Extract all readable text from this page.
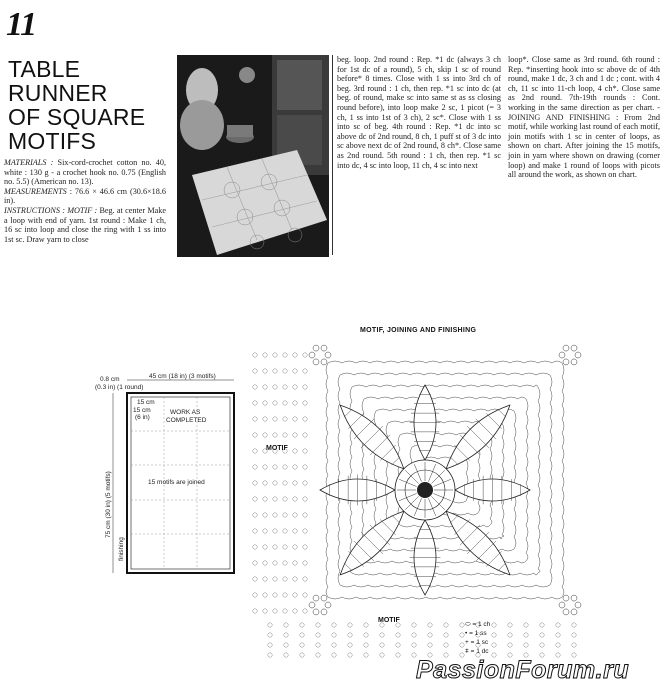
11
TABLE
RUNNER
OF SQUARE
MOTIFS
MATERIALS : Six-cord-crochet cotton no. 40, white : 130 g - a crochet hook no. 0.75 (English no. 5.5) (American no. 13).
MEASUREMENTS : 76.6 × 46.6 cm (30.6×18.6 in).
INSTRUCTIONS : MOTIF : Beg. at center Make a loop with end of yarn. 1st round : Make 1 ch, 16 sc into loop and close the ring with 1 ss into 1st sc. Draw yarn to close
beg. loop. 2nd round : Rep. *1 dc (always 3 ch for 1st dc of a round), 5 ch, skip 1 sc of round before* 8 times. Close with 1 ss into 3rd ch of beg. 3rd round : 1 ch, then rep. *1 sc into dc (at beg. of round, make sc into same st as ss closing round before), into loop make 2 sc, 1 picot (= 3 ch, 1 ss into 1st of 3 ch), 2 sc*. Close with 1 ss into sc of beg. 4th round : Rep. *1 dc into sc above dc of 2nd round, 8 ch, 1 puff st of 3 dc into sc above next dc of 2nd round, 8 ch*. Close same as 2nd round. 5th round : 1 ch, then rep. *1 sc into dc, 4 sc into loop, 11 ch, 4 sc into next
loop*. Close same as 3rd round. 6th round : Rep. *inserting hook into sc above dc of 4th round, make 1 dc, 3 ch and 1 dc ; cont. with 4 ch, 11 sc into 11-ch loop, 4 ch*. Close same as 2nd round. 7th-19th rounds : Cont. working in the same direction as per chart. - JOINING AND FINISHING : From 2nd motif, while working last round of each motif, join motifs with 1 sc in center of loops, as shown on chart. After joining the 15 motifs, join in yarn where shown on drawing (corner loop) and make 1 round of loops with picots all around the work, as shown on chart.
45 cm (18 in) (3 motifs)
0.8 cm
(0.3 in) (1 round)
75 cm (30 in) (5 motifs)
15 cm
15 cm
(6 in)
WORK AS
COMPLETED
15 motifs are joined
finishing
MOTIF, JOINING AND FINISHING
MOTIF
MOTIF
⬭ = 1 ch
• = 1 ss
+ = 1 sc
ǂ = 1 dc
PassionForum.ru
